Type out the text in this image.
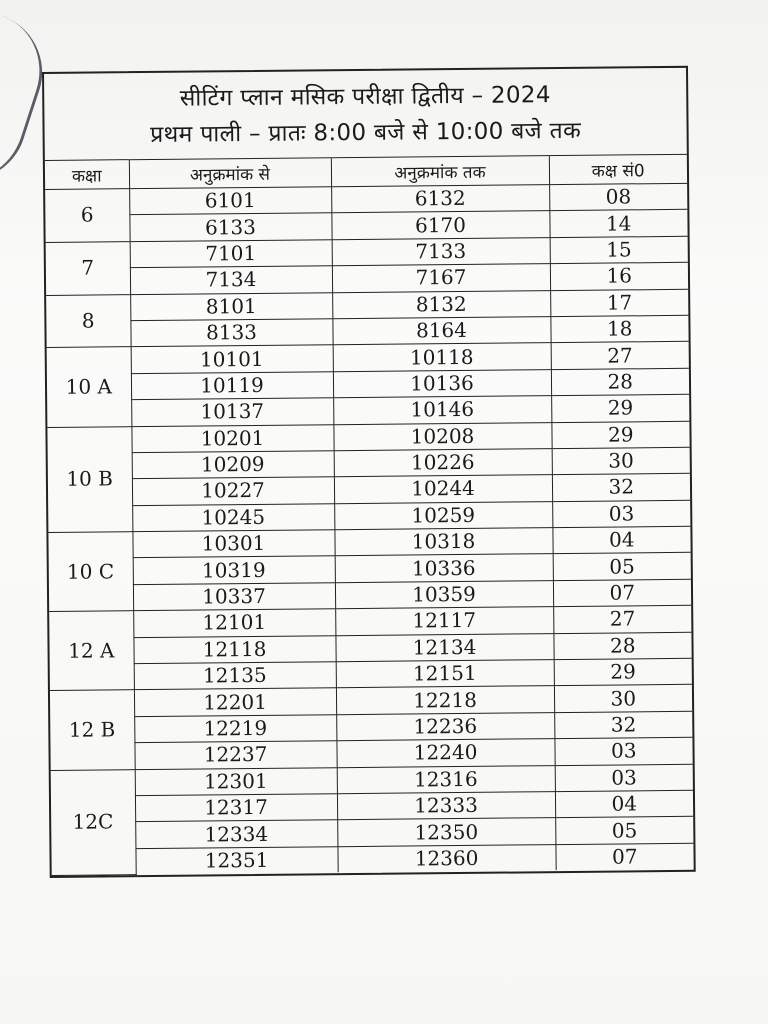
सीटिंग प्लान मसिक परीक्षा द्वितीय – 2024
प्रथम पाली – प्रातः 8:00 बजे से 10:00 बजे तक
कक्षा	अनुक्रमांक से	अनुक्रमांक तक	कक्ष सं0
6	6101	6132	08
	6133	6170	14
7	7101	7133	15
	7134	7167	16
8	8101	8132	17
	8133	8164	18
10 A	10101	10118	27
	10119	10136	28
	10137	10146	29
10 B	10201	10208	29
	10209	10226	30
	10227	10244	32
	10245	10259	03
10 C	10301	10318	04
	10319	10336	05
	10337	10359	07
12 A	12101	12117	27
	12118	12134	28
	12135	12151	29
12 B	12201	12218	30
	12219	12236	32
	12237	12240	03
12C	12301	12316	03
	12317	12333	04
	12334	12350	05
	12351	12360	07
